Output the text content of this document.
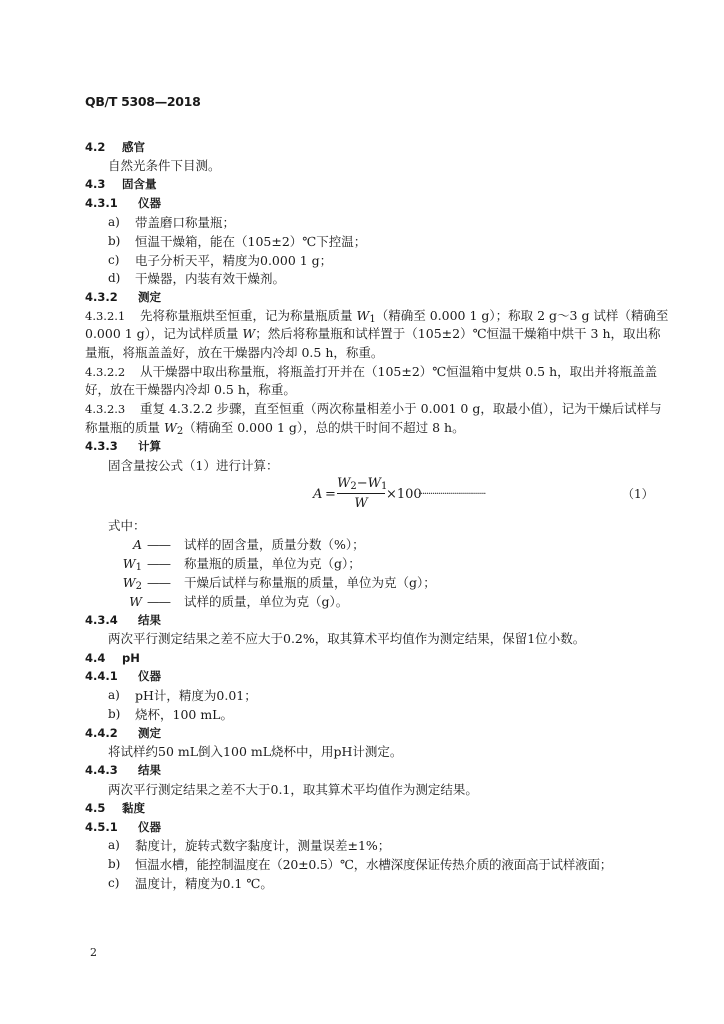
QB/T 5308—2018
4.2 感官
自然光条件下目测。
4.3 固含量
4.3.1 仪器
a) 带盖磨口称量瓶；
b) 恒温干燥箱，能在（105±2）℃下控温；
c) 电子分析天平，精度为0.000 1 g；
d) 干燥器，内装有效干燥剂。
4.3.2 测定
4.3.2.1 先将称量瓶烘至恒重，记为称量瓶质量 $W_1$（精确至 0.000 1 g）；称取 2 g～3 g 试样（精确至
0.000 1 g），记为试样质量 W；然后将称量瓶和试样置于（105±2）℃恒温干燥箱中烘干 3 h，取出称
量瓶，将瓶盖盖好，放在干燥器内冷却 0.5 h，称重。
4.3.2.2 从干燥器中取出称量瓶，将瓶盖打开并在（105±2）℃恒温箱中复烘 0.5 h，取出并将瓶盖盖
好，放在干燥器内冷却 0.5 h，称重。
4.3.2.3 重复 4.3.2.2 步骤，直至恒重（两次称量相差小于 0.001 0 g，取最小值），记为干燥后试样与
称量瓶的质量 $W_2$（精确至 0.000 1 g），总的烘干时间不超过 8 h。
4.3.3 计算
固含量按公式（1）进行计算：
A =
$W_2-W_1$
W
×100
··································	（1）
式中：
A —— 试样的固含量，质量分数（%）；
$W_1$ —— 称量瓶的质量，单位为克（g）；
$W_2$ —— 干燥后试样与称量瓶的质量，单位为克（g）；
W —— 试样的质量，单位为克（g）。
4.3.4 结果
两次平行测定结果之差不应大于0.2%，取其算术平均值作为测定结果，保留1位小数。
4.4 pH
4.4.1 仪器
a) pH计，精度为0.01；
b) 烧杯，100 mL。
4.4.2 测定
将试样约50 mL倒入100 mL烧杯中，用pH计测定。
4.4.3 结果
两次平行测定结果之差不大于0.1，取其算术平均值作为测定结果。
4.5 黏度
4.5.1 仪器
a) 黏度计，旋转式数字黏度计，测量误差±1%；
b) 恒温水槽，能控制温度在（20±0.5）℃，水槽深度保证传热介质的液面高于试样液面；
c) 温度计，精度为0.1 ℃。
2
